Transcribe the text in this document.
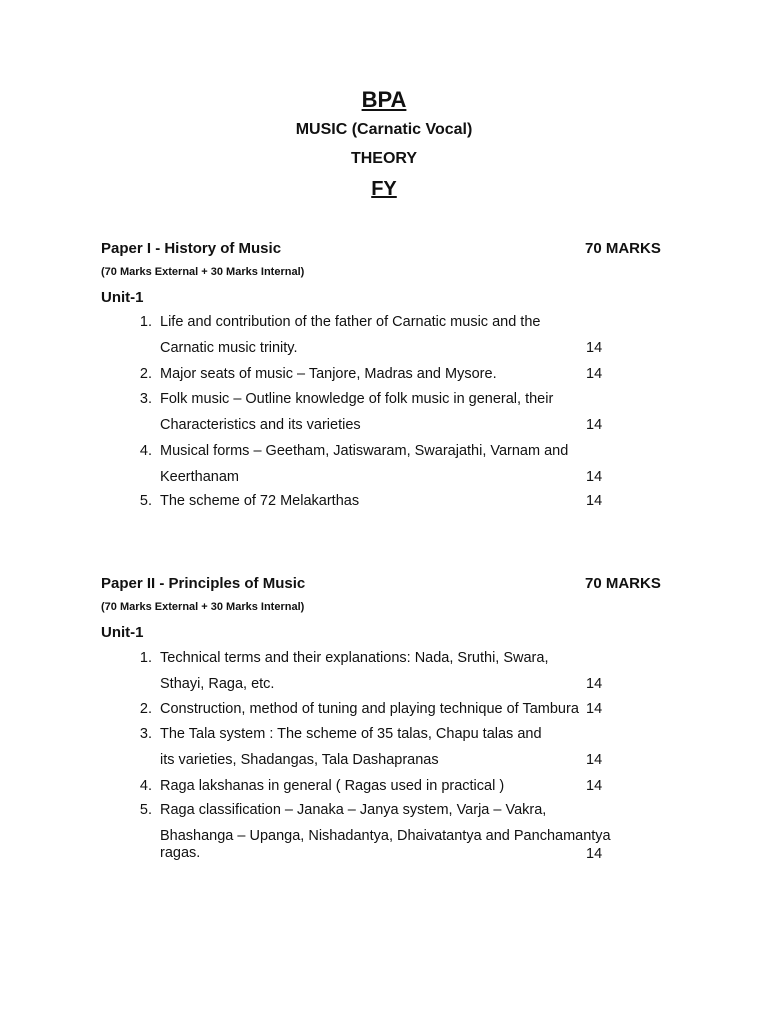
BPA
MUSIC (Carnatic Vocal)
THEORY
FY
Paper I - History of Music	70 MARKS
(70 Marks External + 30 Marks Internal)
Unit-1
1. Life and contribution of the father of Carnatic music and the
Carnatic music trinity.	14
2. Major seats of music – Tanjore, Madras and Mysore.	14
3. Folk music – Outline knowledge of folk music in general, their
Characteristics and its varieties	14
4. Musical forms – Geetham, Jatiswaram, Swarajathi, Varnam and
Keerthanam	14
5. The scheme of 72 Melakarthas	14
Paper II - Principles of Music	70 MARKS
(70 Marks External + 30 Marks Internal)
Unit-1
1. Technical terms and their explanations: Nada, Sruthi, Swara,
Sthayi, Raga, etc.	14
2. Construction, method of tuning and playing technique of Tambura 14
3. The Tala system : The scheme of 35 talas, Chapu talas and
its varieties, Shadangas, Tala Dashapranas	14
4. Raga lakshanas in general ( Ragas used in practical )	14
5. Raga classification – Janaka – Janya system, Varja – Vakra,
Bhashanga – Upanga, Nishadantya, Dhaivatantya and Panchamantya
ragas.	14
